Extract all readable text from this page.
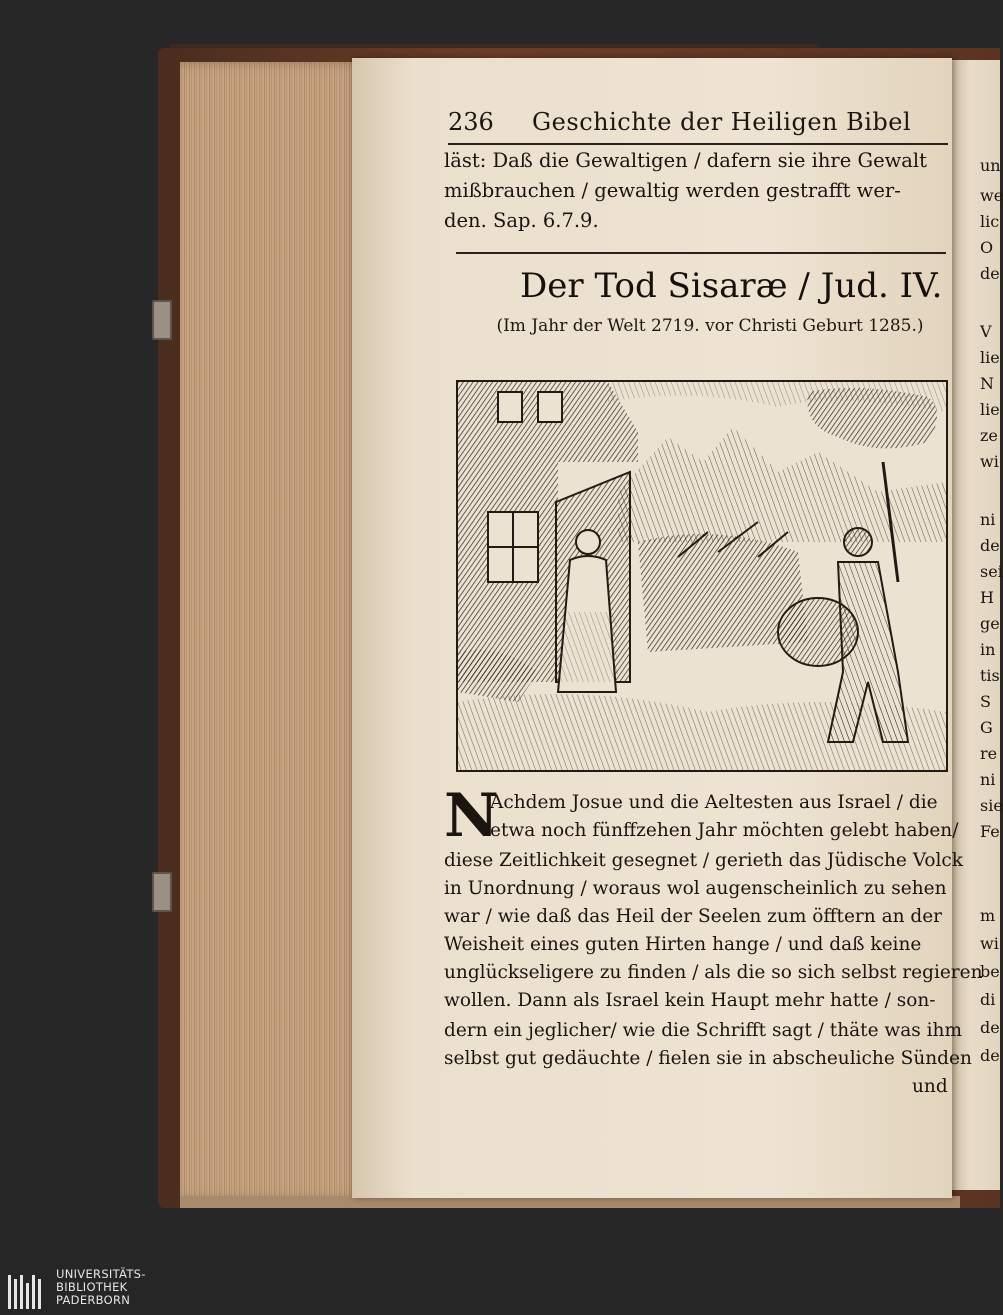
un
we
lic
O
de
V
lie
N
lie
ze
wi
ni
de
sei
H
ge
in
tis
S
G
re
ni
sie
Fe
m
wi
be
di
de
de
236 Geschichte der Heiligen Bibel
läst: Daß die Gewaltigen / dafern sie ihre Gewalt
mißbrauchen / gewaltig werden gestrafft wer-
den. Sap. 6.7.9.
Der Tod Sisaræ / Jud. IV.
(Im Jahr der Welt 2719. vor Christi Geburt 1285.)
N
Achdem Josue und die Aeltesten aus Israel / die
etwa noch fünffzehen Jahr möchten gelebt haben/
diese Zeitlichkeit gesegnet / gerieth das Jüdische Volck
in Unordnung / woraus wol augenscheinlich zu sehen
war / wie daß das Heil der Seelen zum öfftern an der
Weisheit eines guten Hirten hange / und daß keine
unglückseligere zu finden / als die so sich selbst regieren
wollen. Dann als Israel kein Haupt mehr hatte / son-
dern ein jeglicher/ wie die Schrifft sagt / thäte was ihm
selbst gut gedäuchte / fielen sie in abscheuliche Sünden
und
UNIVERSITÄTS-
BIBLIOTHEK
PADERBORN
